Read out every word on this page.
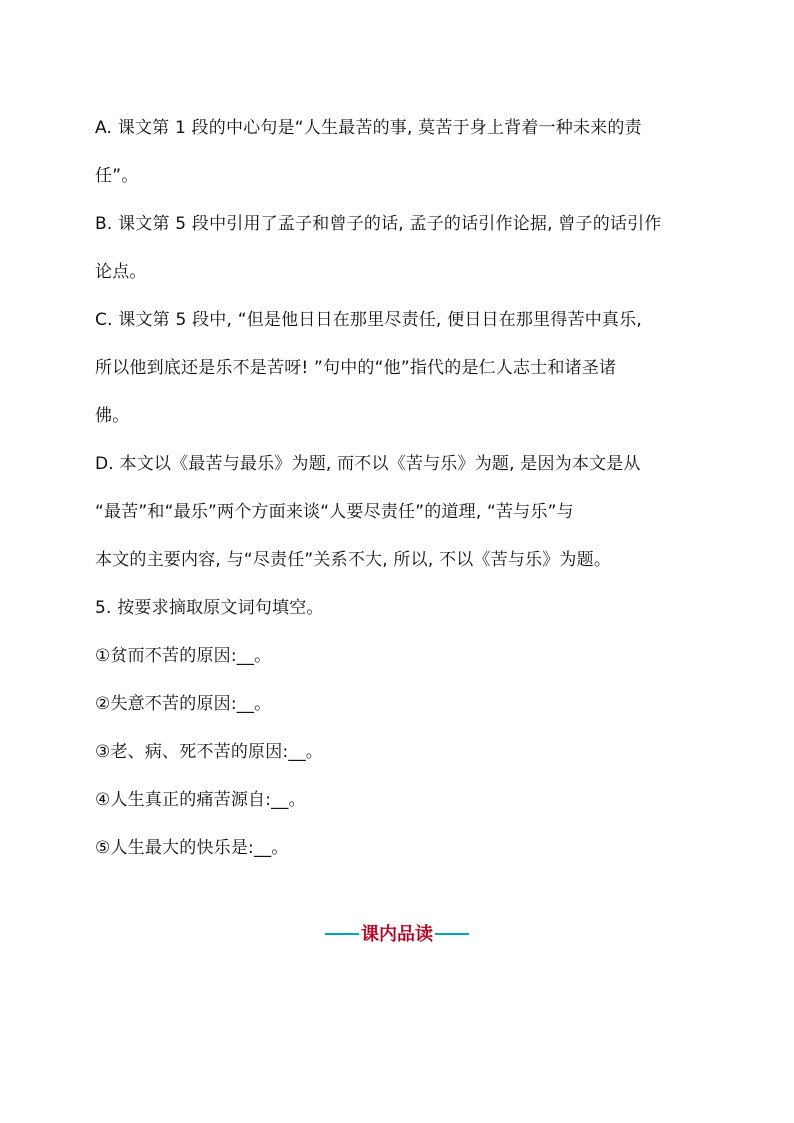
A. 课文第 1 段的中心句是“人生最苦的事, 莫苦于身上背着一种未来的责
任”。
B. 课文第 5 段中引用了孟子和曾子的话, 孟子的话引作论据, 曾子的话引作
论点。
C. 课文第 5 段中, “但是他日日在那里尽责任, 便日日在那里得苦中真乐,
所以他到底还是乐不是苦呀! ”句中的“他”指代的是仁人志士和诸圣诸
佛。
D. 本文以《最苦与最乐》为题, 而不以《苦与乐》为题, 是因为本文是从
“最苦”和“最乐”两个方面来谈“人要尽责任”的道理, “苦与乐”与
本文的主要内容, 与“尽责任”关系不大, 所以, 不以《苦与乐》为题。
5. 按要求摘取原文词句填空。
①贫而不苦的原因:__。
②失意不苦的原因:__。
③老、病、死不苦的原因:__。
④人生真正的痛苦源自:__。
⑤人生最大的快乐是:__。
课内品读
